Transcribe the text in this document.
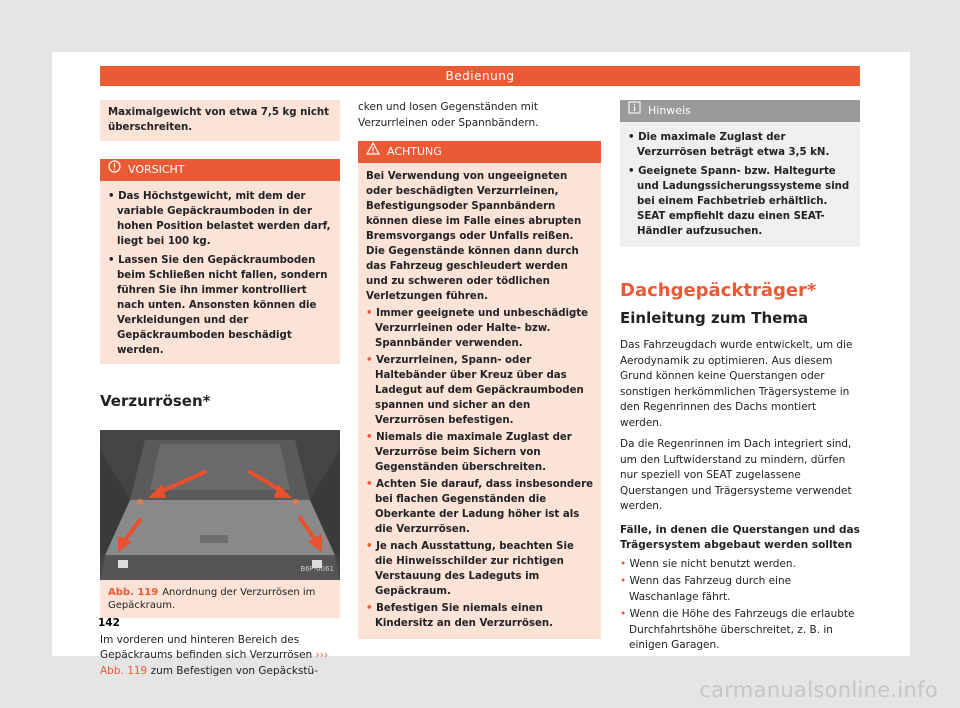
Bedienung
Maximalgewicht von etwa 7,5 kg nicht überschreiten.
VORSICHT
• Das Höchstgewicht, mit dem der variable Gepäckraumboden in der hohen Position belastet werden darf, liegt bei 100 kg.
• Lassen Sie den Gepäckraumboden beim Schließen nicht fallen, sondern führen Sie ihn immer kontrolliert nach unten. Ansonsten können die Verkleidungen und der Gepäckraumboden beschädigt werden.
Verzurrösen*
B6F-0061
Abb. 119 Anordnung der Verzurrösen im Gepäckraum.

Im vorderen und hinteren Bereich des Gepäckraums befinden sich Verzurrösen ››› Abb. 119 zum Befestigen von Gepäckstü-

cken und losen Gegenständen mit Verzurrleinen oder Spannbändern.

ACHTUNG

Bei Verwendung von ungeeigneten oder beschädigten Verzurrleinen, Befestigungsoder Spannbändern können diese im Falle eines abrupten Bremsvorgangs oder Unfalls reißen. Die Gegenstände können dann durch das Fahrzeug geschleudert werden und zu schweren oder tödlichen Verletzungen führen.

• Immer geeignete und unbeschädigte Verzurrleinen oder Halte- bzw. Spannbänder verwenden.
• Verzurrleinen, Spann- oder Haltebänder über Kreuz über das Ladegut auf dem Gepäckraumboden spannen und sicher an den Verzurrösen befestigen.
• Niemals die maximale Zuglast der Verzurröse beim Sichern von Gegenständen überschreiten.
• Achten Sie darauf, dass insbesondere bei flachen Gegenständen die Oberkante der Ladung höher ist als die Verzurrösen.
• Je nach Ausstattung, beachten Sie die Hinweisschilder zur richtigen Verstauung des Ladeguts im Gepäckraum.
• Befestigen Sie niemals einen Kindersitz an den Verzurrösen.
Hinweis
• Die maximale Zuglast der Verzurrösen beträgt etwa 3,5 kN.
• Geeignete Spann- bzw. Haltegurte und Ladungssicherungssysteme sind bei einem Fachbetrieb erhältlich. SEAT empfiehlt dazu einen SEAT-Händler aufzusuchen.
Dachgepäckträger*
Einleitung zum Thema

Das Fahrzeugdach wurde entwickelt, um die Aerodynamik zu optimieren. Aus diesem Grund können keine Querstangen oder sonstigen herkömmlichen Trägersysteme in den Regenrinnen des Dachs montiert werden.

Da die Regenrinnen im Dach integriert sind, um den Luftwiderstand zu mindern, dürfen nur speziell von SEAT zugelassene Querstangen und Trägersysteme verwendet werden.

Fälle, in denen die Querstangen und das Trägersystem abgebaut werden sollten

• Wenn sie nicht benutzt werden.
• Wenn das Fahrzeug durch eine Waschanlage fährt.
• Wenn die Höhe des Fahrzeugs die erlaubte Durchfahrtshöhe überschreitet, z. B. in einigen Garagen.
142
carmanualsonline.info
